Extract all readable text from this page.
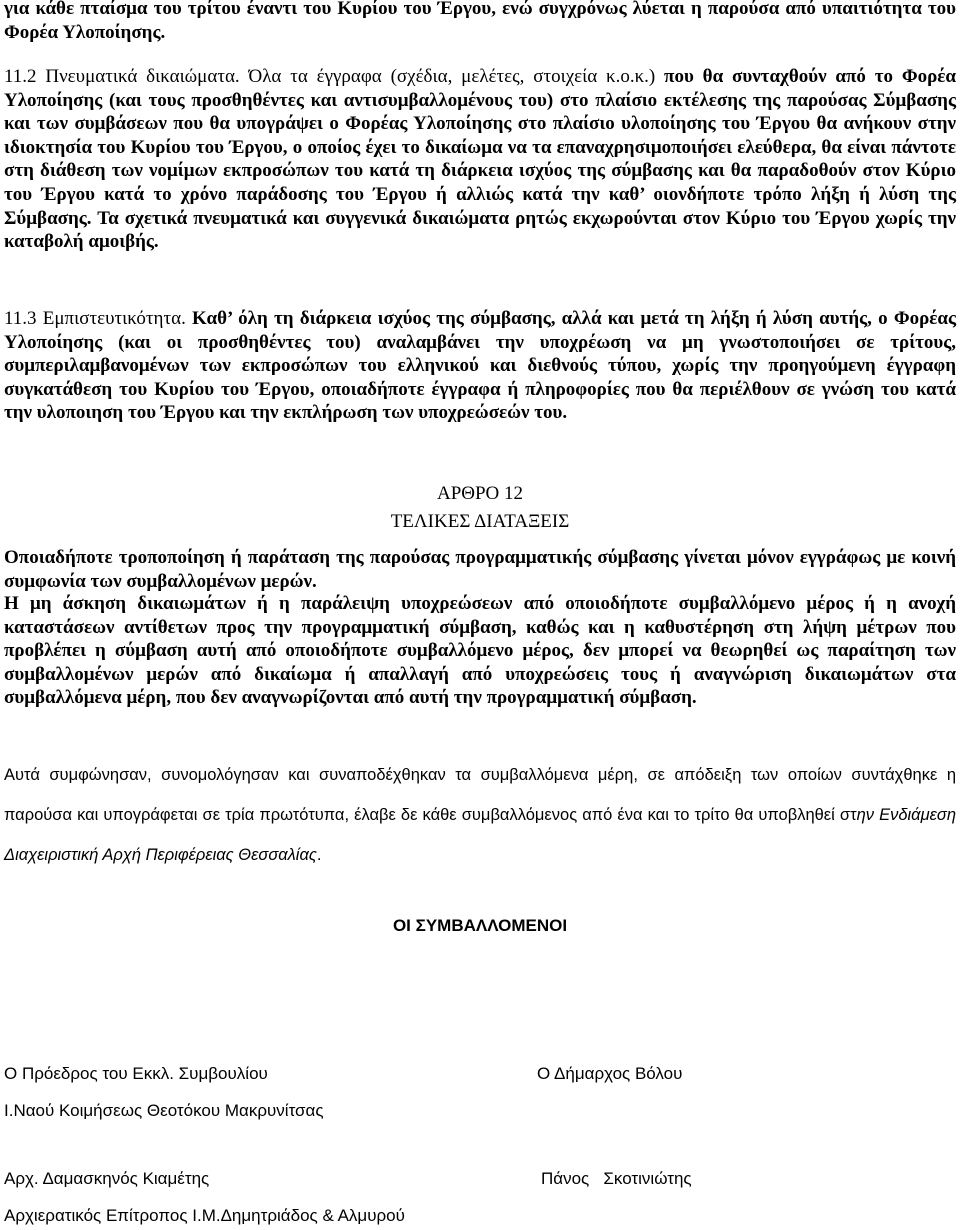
για κάθε πταίσμα του τρίτου έναντι του Κυρίου του Έργου, ενώ συγχρόνως λύεται η παρούσα από υπαιτιότητα του Φορέα Υλοποίησης.

11.2 Πνευματικά δικαιώματα. Όλα τα έγγραφα (σχέδια, μελέτες, στοιχεία κ.ο.κ.) που θα συνταχθούν από το Φορέα Υλοποίησης (και τους προσθηθέντες και αντισυμβαλλομένους του) στο πλαίσιο εκτέλεσης της παρούσας Σύμβασης και των συμβάσεων που θα υπογράψει ο Φορέας Υλοποίησης στο πλαίσιο υλοποίησης του Έργου θα ανήκουν στην ιδιοκτησία του Κυρίου του Έργου, ο οποίος έχει το δικαίωμα να τα επαναχρησιμοποιήσει ελεύθερα, θα είναι πάντοτε στη διάθεση των νομίμων εκπροσώπων του κατά τη διάρκεια ισχύος της σύμβασης και θα παραδοθούν στον Κύριο του Έργου κατά το χρόνο παράδοσης του Έργου ή αλλιώς κατά την καθ’ οιονδήποτε τρόπο λήξη ή λύση της Σύμβασης. Τα σχετικά πνευματικά και συγγενικά δικαιώματα ρητώς εκχωρούνται στον Κύριο του Έργου χωρίς την καταβολή αμοιβής.

11.3 Εμπιστευτικότητα. Καθ’ όλη τη διάρκεια ισχύος της σύμβασης, αλλά και μετά τη λήξη ή λύση αυτής, ο Φορέας Υλοποίησης (και οι προσθηθέντες του) αναλαμβάνει την υποχρέωση να μη γνωστοποιήσει σε τρίτους, συμπεριλαμβανομένων των εκπροσώπων του ελληνικού και διεθνούς τύπου, χωρίς την προηγούμενη έγγραφη συγκατάθεση του Κυρίου του Έργου, οποιαδήποτε έγγραφα ή πληροφορίες που θα περιέλθουν σε γνώση του κατά την υλοποιηση του Έργου και την εκπλήρωση των υποχρεώσεών του.

ΑΡΘΡΟ 12
ΤΕΛΙΚΕΣ ΔΙΑΤΑΞΕΙΣ

Οποιαδήποτε τροποποίηση ή παράταση της παρούσας προγραμματικής σύμβασης γίνεται μόνον εγγράφως με κοινή συμφωνία των συμβαλλομένων μερών.

Η μη άσκηση δικαιωμάτων ή η παράλειψη υποχρεώσεων από οποιοδήποτε συμβαλλόμενο μέρος ή η ανοχή καταστάσεων αντίθετων προς την προγραμματική σύμβαση, καθώς και η καθυστέρηση στη λήψη μέτρων που προβλέπει η σύμβαση αυτή από οποιοδήποτε συμβαλλόμενο μέρος, δεν μπορεί να θεωρηθεί ως παραίτηση των συμβαλλομένων μερών από δικαίωμα ή απαλλαγή από υποχρεώσεις τους ή αναγνώριση δικαιωμάτων στα συμβαλλόμενα μέρη, που δεν αναγνωρίζονται από αυτή την προγραμματική σύμβαση.

Αυτά συμφώνησαν, συνομολόγησαν και συναποδέχθηκαν τα συμβαλλόμενα μέρη, σε απόδειξη των οποίων συντάχθηκε η παρούσα και υπογράφεται σε τρία πρωτότυπα, έλαβε δε κάθε συμβαλλόμενος από ένα και το τρίτο θα υποβληθεί στην Ενδιάμεση Διαχειριστική Αρχή Περιφέρειας Θεσσαλίας.

ΟΙ ΣΥΜΒΑΛΛΟΜΕΝΟΙ
Ο Πρόεδρος του Εκκλ. Συμβουλίου
Ι.Ναού Κοιμήσεως Θεοτόκου Μακρυνίτσας
Αρχ. Δαμασκηνός Κιαμέτης
Αρχιερατικός Επίτροπος Ι.Μ.Δημητριάδος & Αλμυρού
Ο Δήμαρχος Βόλου
Πάνος   Σκοτινιώτης
